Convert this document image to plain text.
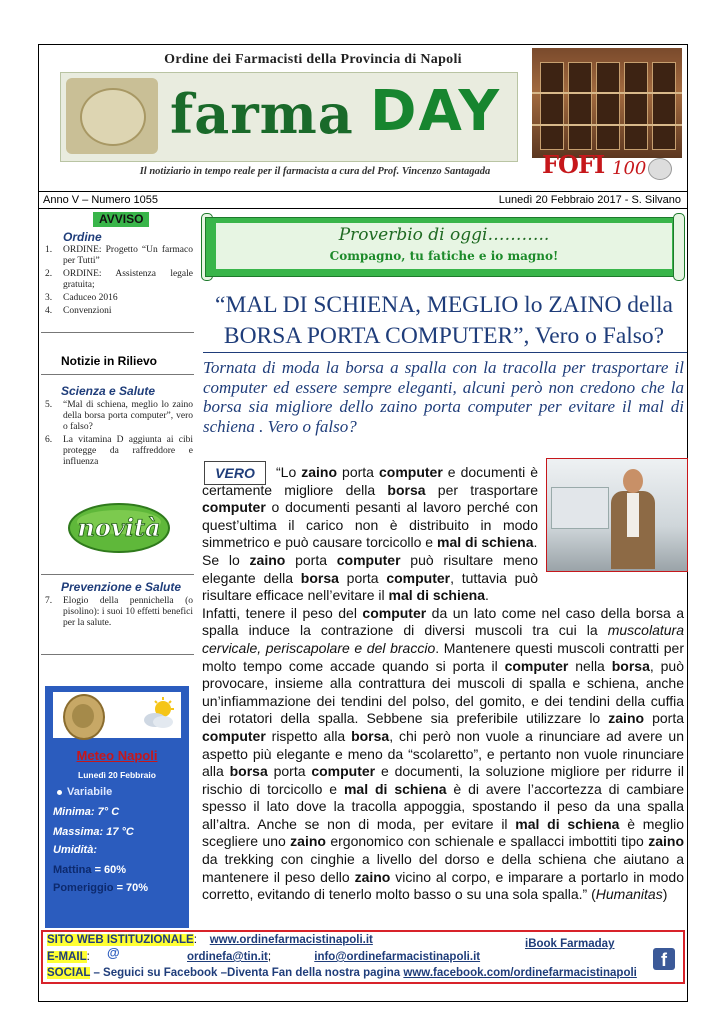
Ordine dei Farmacisti della Provincia di Napoli
farma DAY
Il notiziario in tempo reale per il farmacista a cura del Prof. Vincenzo Santagada	FOFI 100
Anno V – Numero 1055	Lunedì 20 Febbraio 2017 - S. Silvano
AVVISO
Ordine
1. ORDINE: Progetto “Un farmaco per Tutti”
2. ORDINE: Assistenza legale gratuita;
3. Caduceo 2016
4. Convenzioni
Notizie in Rilievo
Scienza e Salute
5. “Mal di schiena, meglio lo zaino della borsa porta computer”, vero o falso?
6. La vitamina D aggiunta ai cibi protegge da raffreddore e influenza
novità
Prevenzione e Salute
7. Elogio della pennichella (o pisolino): i suoi 10 effetti benefici per la salute.
Meteo Napoli
Lunedì 20 Febbraio
Variabile
Minima: 7° C
Massima: 17 °C
Umidità:
Mattina = 60%
Pomeriggio = 70%
Proverbio di oggi………..
Compagno, tu fatiche e io magno!
“MAL DI SCHIENA, MEGLIO lo ZAINO della
BORSA PORTA COMPUTER”, Vero o Falso?
Tornata di moda la borsa a spalla con la tracolla per trasportare il computer ed essere sempre eleganti, alcuni però non credono che la borsa sia migliore dello zaino porta computer per evitare il mal di schiena . Vero o falso?
VERO	“Lo zaino porta computer e documenti è certamente migliore della borsa per trasportare computer o documenti pesanti al lavoro perché con quest’ultima il carico non è distribuito in modo simmetrico e può causare torcicollo e mal di schiena.

Se lo zaino porta computer può risultare meno elegante della borsa porta computer, tuttavia può risultare efficace nell’evitare il mal di schiena.

Infatti, tenere il peso del computer da un lato come nel caso della borsa a spalla induce la contrazione di diversi muscoli tra cui la muscolatura cervicale, periscapolare e del braccio. Mantenere questi muscoli contratti per molto tempo come accade quando si porta il computer nella borsa, può provocare, insieme alla contrattura dei muscoli di spalla e schiena, anche un’infiammazione dei tendini del polso, del gomito, e dei tendini della cuffia dei rotatori della spalla. Sebbene sia preferibile utilizzare lo zaino porta computer rispetto alla borsa, chi però non vuole a rinunciare ad avere un aspetto più elegante e meno da “scolaretto”, e pertanto non vuole rinunciare alla borsa porta computer e documenti, la soluzione migliore per ridurre il rischio di torcicollo e mal di schiena è di avere l’accortezza di cambiare spesso il lato dove la tracolla appoggia, spostando il peso da una spalla all’altra. Anche se non di moda, per evitare il mal di schiena è meglio scegliere uno zaino ergonomico con schienale e spallacci imbottiti tipo zaino da trekking con cinghie a livello del dorso e della schiena che aiutano a mantenere il peso dello zaino vicino al corpo, e imparare a portarlo in modo corretto, evitando di tenerlo molto basso o su una sola spalla.” (Humanitas)

SITO WEB ISTITUZIONALE:    www.ordinefarmacistinapoli.it	iBook Farmaday
@
E-MAIL:	ordinefa@tin.it;	info@ordinefarmacistinapoli.it
SOCIAL – Seguici su Facebook –Diventa Fan della nostra pagina www.facebook.com/ordinefarmacistinapoli
f
